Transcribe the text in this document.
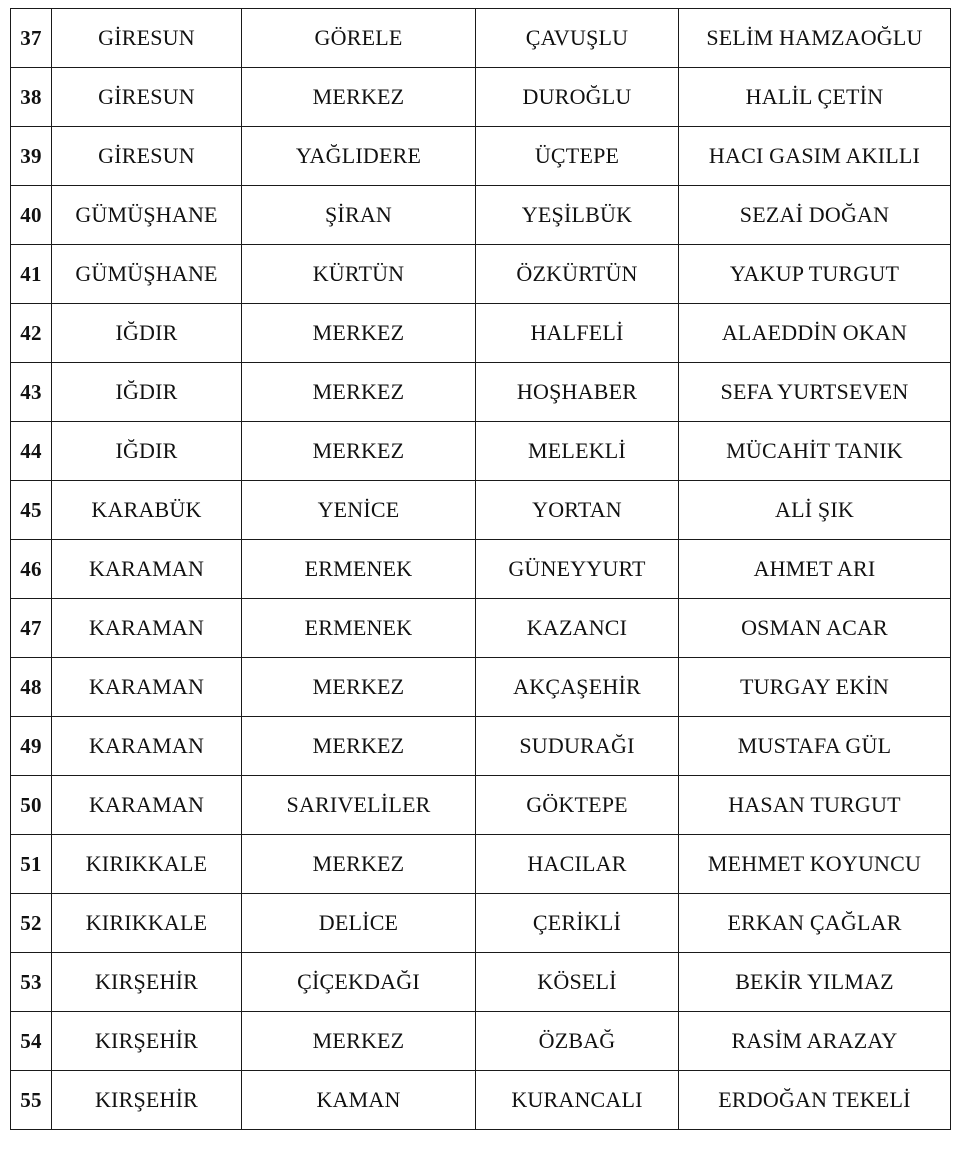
37	GİRESUN	GÖRELE	ÇAVUŞLU	SELİM HAMZAOĞLU
38	GİRESUN	MERKEZ	DUROĞLU	HALİL ÇETİN
39	GİRESUN	YAĞLIDERE	ÜÇTEPE	HACI GASIM AKILLI
40	GÜMÜŞHANE	ŞİRAN	YEŞİLBÜK	SEZAİ DOĞAN
41	GÜMÜŞHANE	KÜRTÜN	ÖZKÜRTÜN	YAKUP TURGUT
42	IĞDIR	MERKEZ	HALFELİ	ALAEDDİN OKAN
43	IĞDIR	MERKEZ	HOŞHABER	SEFA YURTSEVEN
44	IĞDIR	MERKEZ	MELEKLİ	MÜCAHİT TANIK
45	KARABÜK	YENİCE	YORTAN	ALİ ŞIK
46	KARAMAN	ERMENEK	GÜNEYYURT	AHMET ARI
47	KARAMAN	ERMENEK	KAZANCI	OSMAN ACAR
48	KARAMAN	MERKEZ	AKÇAŞEHİR	TURGAY EKİN
49	KARAMAN	MERKEZ	SUDURAĞI	MUSTAFA GÜL
50	KARAMAN	SARIVELİLER	GÖKTEPE	HASAN TURGUT
51	KIRIKKALE	MERKEZ	HACILAR	MEHMET KOYUNCU
52	KIRIKKALE	DELİCE	ÇERİKLİ	ERKAN ÇAĞLAR
53	KIRŞEHİR	ÇİÇEKDAĞI	KÖSELİ	BEKİR YILMAZ
54	KIRŞEHİR	MERKEZ	ÖZBAĞ	RASİM ARAZAY
55	KIRŞEHİR	KAMAN	KURANCALI	ERDOĞAN TEKELİ
